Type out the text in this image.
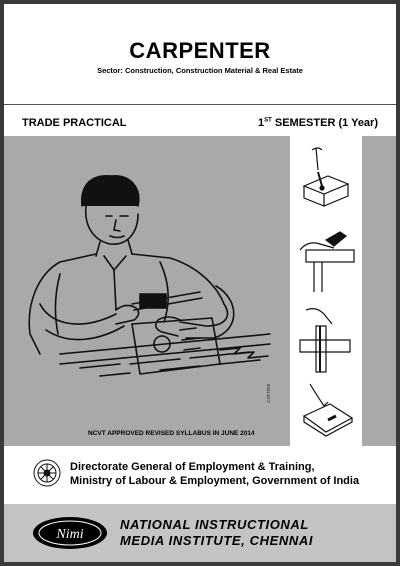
CARPENTER
Sector: Construction, Construction Material & Real Estate
TRADE PRACTICAL	1ST SEMESTER (1 Year)
CAT7929
NCVT APPROVED REVISED SYLLABUS IN JUNE 2014
Directorate General of Employment & Training,
Ministry of Labour & Employment, Government of India
Nimi
NATIONAL INSTRUCTIONAL
MEDIA INSTITUTE, CHENNAI
